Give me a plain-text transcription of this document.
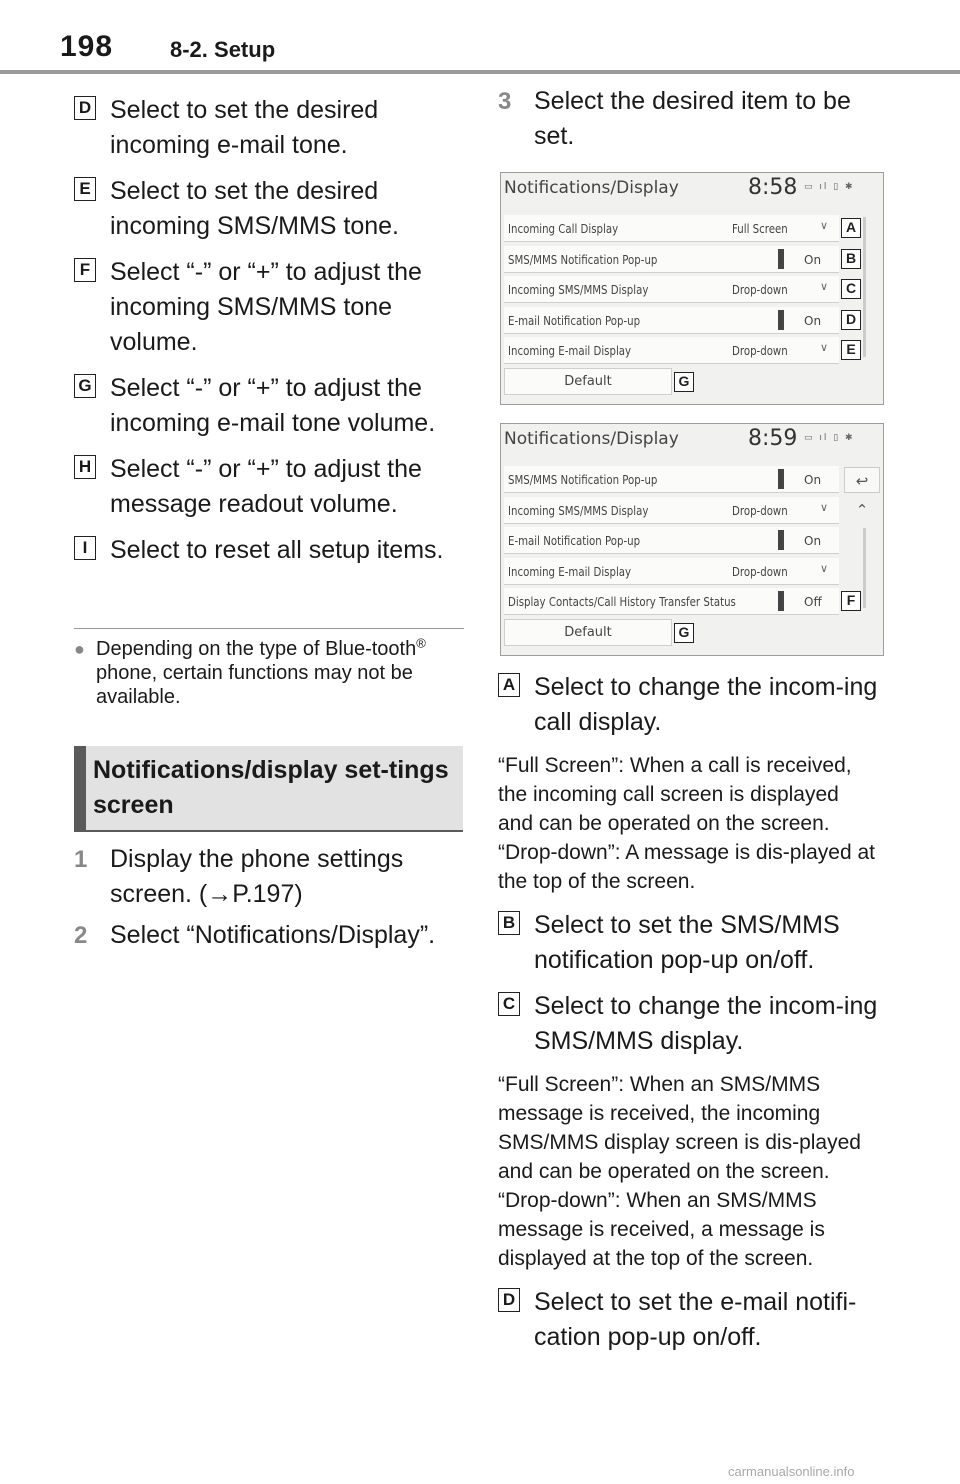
198	8-2. Setup
D Select to set the desired incoming e-mail tone.
E Select to set the desired incoming SMS/MMS tone.
F Select “-” or “+” to adjust the incoming SMS/MMS tone volume.
G Select “-” or “+” to adjust the incoming e-mail tone volume.
H Select “-” or “+” to adjust the message readout volume.
I Select to reset all setup items.
● Depending on the type of Blue-tooth® phone, certain functions may not be available.
Notifications/display set-tings screen
1 Display the phone settings screen. (→P.197)
2 Select “Notifications/Display”.
3 Select the desired item to be set.
Notifications/Display	8:58 ▭ ıl ▯ ✱
Incoming Call Display	Full Screen	∨
SMS/MMS Notification Pop-up	On
Incoming SMS/MMS Display	Drop-down	∨
E-mail Notification Pop-up	On
Incoming E-mail Display	Drop-down	∨
Default
A
B
C
D
E
G
Notifications/Display	8:59 ▭ ıl ▯ ✱
SMS/MMS Notification Pop-up	On
Incoming SMS/MMS Display	Drop-down	∨
E-mail Notification Pop-up	On
Incoming E-mail Display	Drop-down	∨
Display Contacts/Call History Transfer Status	Off
Default
↩
⌃
F
G
A Select to change the incom-ing call display.

“Full Screen”: When a call is received, the incoming call screen is displayed and can be operated on the screen.
“Drop-down”: A message is dis-played at the top of the screen.

B Select to set the SMS/MMS notification pop-up on/off.
C Select to change the incom-ing SMS/MMS display.

“Full Screen”: When an SMS/MMS message is received, the incoming SMS/MMS display screen is dis-played and can be operated on the screen.
“Drop-down”: When an SMS/MMS message is received, a message is displayed at the top of the screen.

D Select to set the e-mail notifi-cation pop-up on/off.
carmanualsonline.info
